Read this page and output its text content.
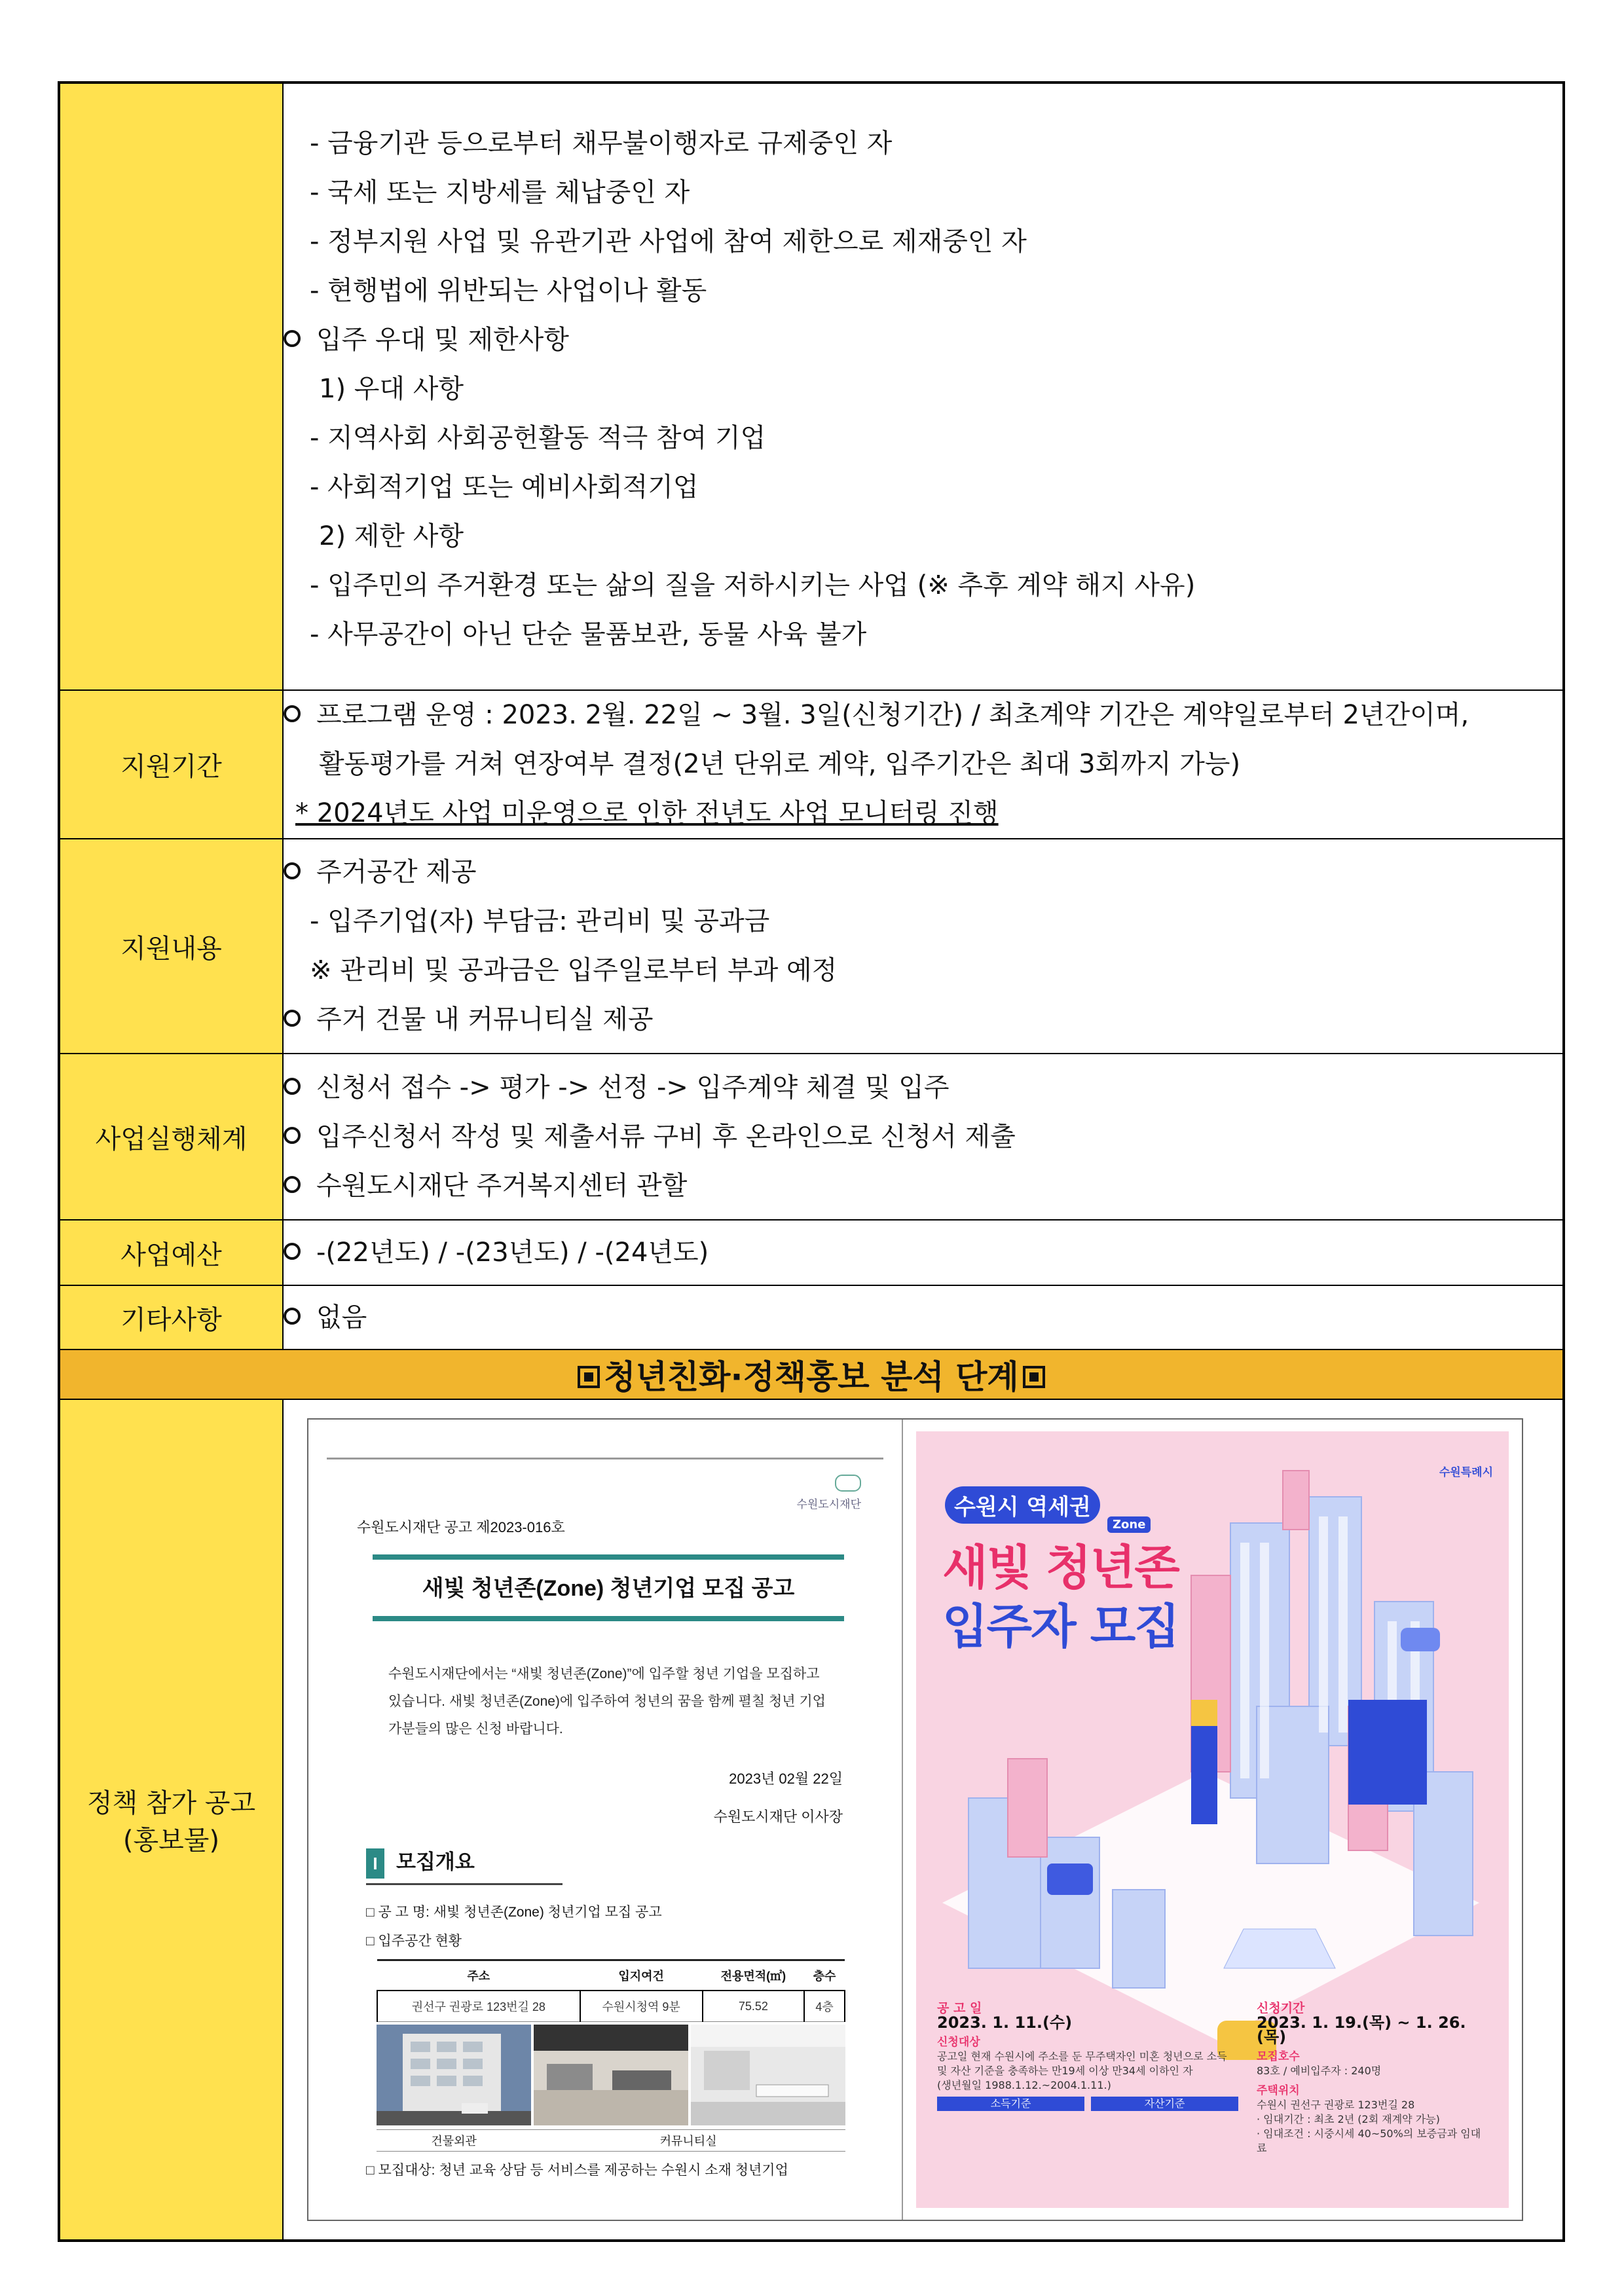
- 금융기관 등으로부터 채무불이행자로 규제중인 자
- 국세 또는 지방세를 체납중인 자
- 정부지원 사업 및 유관기관 사업에 참여 제한으로 제재중인 자
- 현행법에 위반되는 사업이나 활동
입주 우대 및 제한사항
1) 우대 사항
- 지역사회 사회공헌활동 적극 참여 기업
- 사회적기업 또는 예비사회적기업
2) 제한 사항
- 입주민의 주거환경 또는 삶의 질을 저하시키는 사업 (※ 추후 계약 해지 사유)
- 사무공간이 아닌 단순 물품보관, 동물 사육 불가

지원기간	
프로그램 운영 : 2023. 2월. 22일 ~ 3월. 3일(신청기간) / 최초계약 기간은 계약일로부터 2년간이며,
활동평가를 거쳐 연장여부 결정(2년 단위로 계약, 입주기간은 최대 3회까지 가능)
* 2024년도 사업 미운영으로 인한 전년도 사업 모니터링 진행

지원내용	
주거공간 제공
- 입주기업(자) 부담금: 관리비 및 공과금
※ 관리비 및 공과금은 입주일로부터 부과 예정
주거 건물 내 커뮤니티실 제공

사업실행체계	
신청서 접수 -> 평가 -> 선정 -> 입주계약 체결 및 입주
입주신청서 작성 및 제출서류 구비 후 온라인으로 신청서 제출
수원도시재단 주거복지센터 관할

사업예산	-(22년도) / -(23년도) / -(24년도)

기타사항	없음

청년친화·정책홍보 분석 단계

정책 참가 공고
(홍보물)

수원도시재단
수원도시재단 공고 제2023-016호
새빛 청년존(Zone) 청년기업 모집 공고
수원도시재단에서는 “새빛 청년존(Zone)”에 입주할 청년 기업을 모집하고 있습니다. 새빛 청년존(Zone)에 입주하여 청년의 꿈을 함께 펼칠 청년 기업가분들의 많은 신청 바랍니다.
2023년 02월 22일
수원도시재단 이사장
I 모집개요
□ 공 고 명: 새빛 청년존(Zone) 청년기업 모집 공고
□ 입주공간 현황
주소	입지여건	전용면적(㎡)	층수
권선구 권광로 123번길 28	수원시청역 9분	75.52	4층
건물외관	커뮤니티실
□ 모집대상: 청년 교육 상담 등 서비스를 제공하는 수원시 소재 청년기업
수원특례시
수원시 역세권
Zone
새빛 청년존
입주자 모집
공 고 일
2023. 1. 11.(수)
신청대상
공고일 현재 수원시에 주소를 둔 무주택자인 미혼 청년으로 소득 및 자산 기준을 충족하는 만19세 이상 만34세 이하인 자
(생년월일 1988.1.12.~2004.1.11.)
소득기준	자산기준
신청기간
2023. 1. 19.(목) ~ 1. 26.(목)
모집호수
83호 / 예비입주자 : 240명
주택위치
수원시 권선구 권광로 123번길 28
· 임대기간 : 최초 2년 (2회 재계약 가능)
· 임대조건 : 시중시세 40~50%의 보증금과 임대료
